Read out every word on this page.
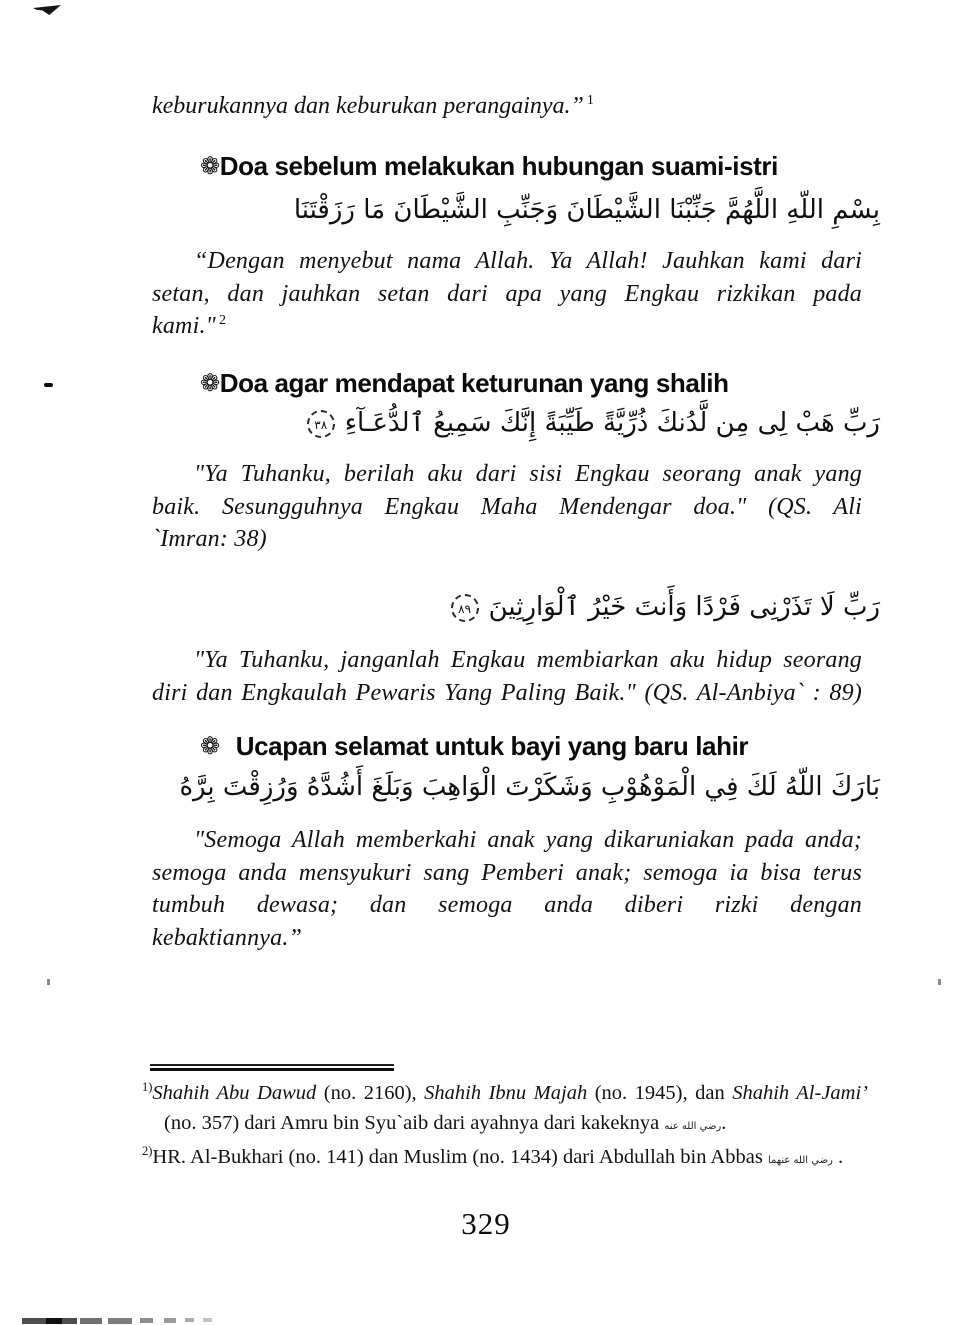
keburukannya dan keburukan perangainya.” $^1$
❁Doa sebelum melakukan hubungan suami-istri
بِسْمِ اللّهِ اللَّهُمَّ جَنِّبْنَا الشَّيْطَانَ وَجَنِّبِ الشَّيْطَانَ مَا رَزَقْتَنَا
“Dengan menyebut nama Allah. Ya Allah! Jauhkan kami dari
setan, dan jauhkan setan dari apa yang Engkau rizkikan pada
kami." $^2$
❁Doa agar mendapat keturunan yang shalih
رَبِّ هَبْ لِى مِن لَّدُنكَ ذُرِّيَّةً طَيِّبَةً إِنَّكَ سَمِيعُ ٱلدُّعَـآءِ٣٨
"Ya Tuhanku, berilah aku dari sisi Engkau seorang anak yang
baik. Sesungguhnya Engkau Maha Mendengar doa." (QS. Ali
`Imran: 38)
رَبِّ لَا تَذَرْنِى فَرْدًا وَأَنتَ خَيْرُ ٱلْوَارِثِينَ٨٩
"Ya Tuhanku, janganlah Engkau membiarkan aku hidup seorang
diri dan Engkaulah Pewaris Yang Paling Baik." (QS. Al-Anbiya` : 89)
❁ Ucapan selamat untuk bayi yang baru lahir
بَارَكَ اللّهُ لَكَ فِي الْمَوْهُوْبِ وَشَكَرْتَ الْوَاهِبَ وَبَلَغَ أَشُدَّهُ وَرُزِقْتَ بِرَّهُ
"Semoga Allah memberkahi anak yang dikaruniakan pada anda;
semoga anda mensyukuri sang Pemberi anak; semoga ia bisa terus
tumbuh dewasa; dan semoga anda diberi rizki dengan
kebaktiannya.”

$^{1)}$Shahih Abu Dawud (no. 2160), Shahih Ibnu Majah (no. 1945), dan Shahih Al-Jami’ (no. 357) dari Amru bin Syu`aib dari ayahnya dari kakeknya رضي الله عنه.

$^{2)}$HR. Al-Bukhari (no. 141) dan Muslim (no. 1434) dari Abdullah bin Abbas رضي الله عنهما .

329
